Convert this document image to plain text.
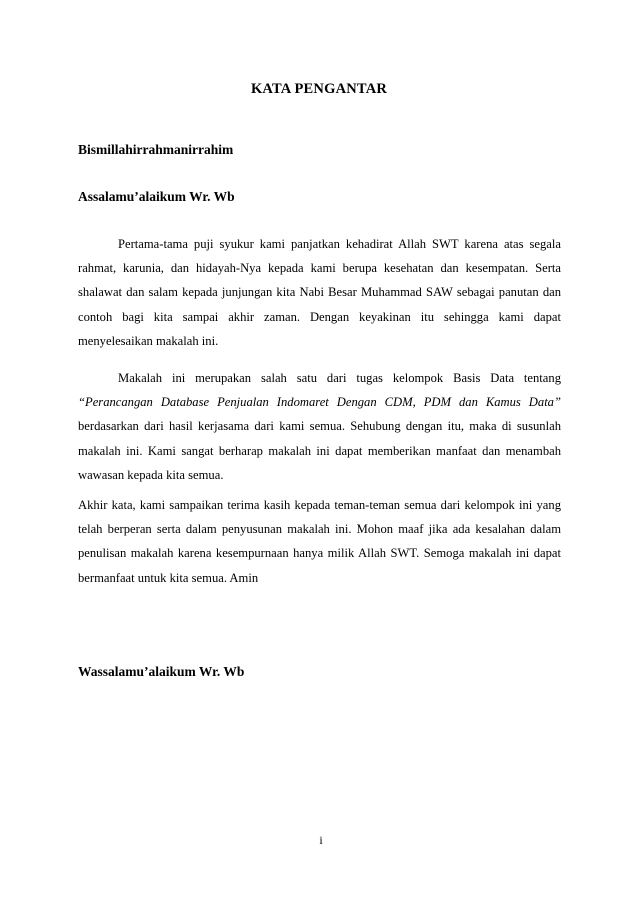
KATA PENGANTAR
Bismillahirrahmanirrahim
Assalamu’alaikum Wr. Wb

Pertama-tama puji syukur kami panjatkan kehadirat Allah SWT karena atas segala rahmat, karunia, dan hidayah-Nya kepada kami berupa kesehatan dan kesempatan. Serta shalawat dan salam kepada junjungan kita Nabi Besar Muhammad SAW sebagai panutan dan contoh bagi kita sampai akhir zaman. Dengan keyakinan itu sehingga kami dapat menyelesaikan makalah ini.

Makalah ini merupakan salah satu dari tugas kelompok Basis Data tentang “Perancangan Database Penjualan Indomaret Dengan CDM, PDM dan Kamus Data” berdasarkan dari hasil kerjasama dari kami semua. Sehubung dengan itu, maka di susunlah makalah ini. Kami sangat berharap makalah ini dapat memberikan manfaat dan menambah wawasan kepada kita semua.

Akhir kata, kami sampaikan terima kasih kepada teman-teman semua dari kelompok ini yang telah berperan serta dalam penyusunan makalah ini. Mohon maaf jika ada kesalahan dalam penulisan makalah karena kesempurnaan hanya milik Allah SWT. Semoga makalah ini dapat bermanfaat untuk kita semua. Amin

Wassalamu’alaikum Wr. Wb
i
